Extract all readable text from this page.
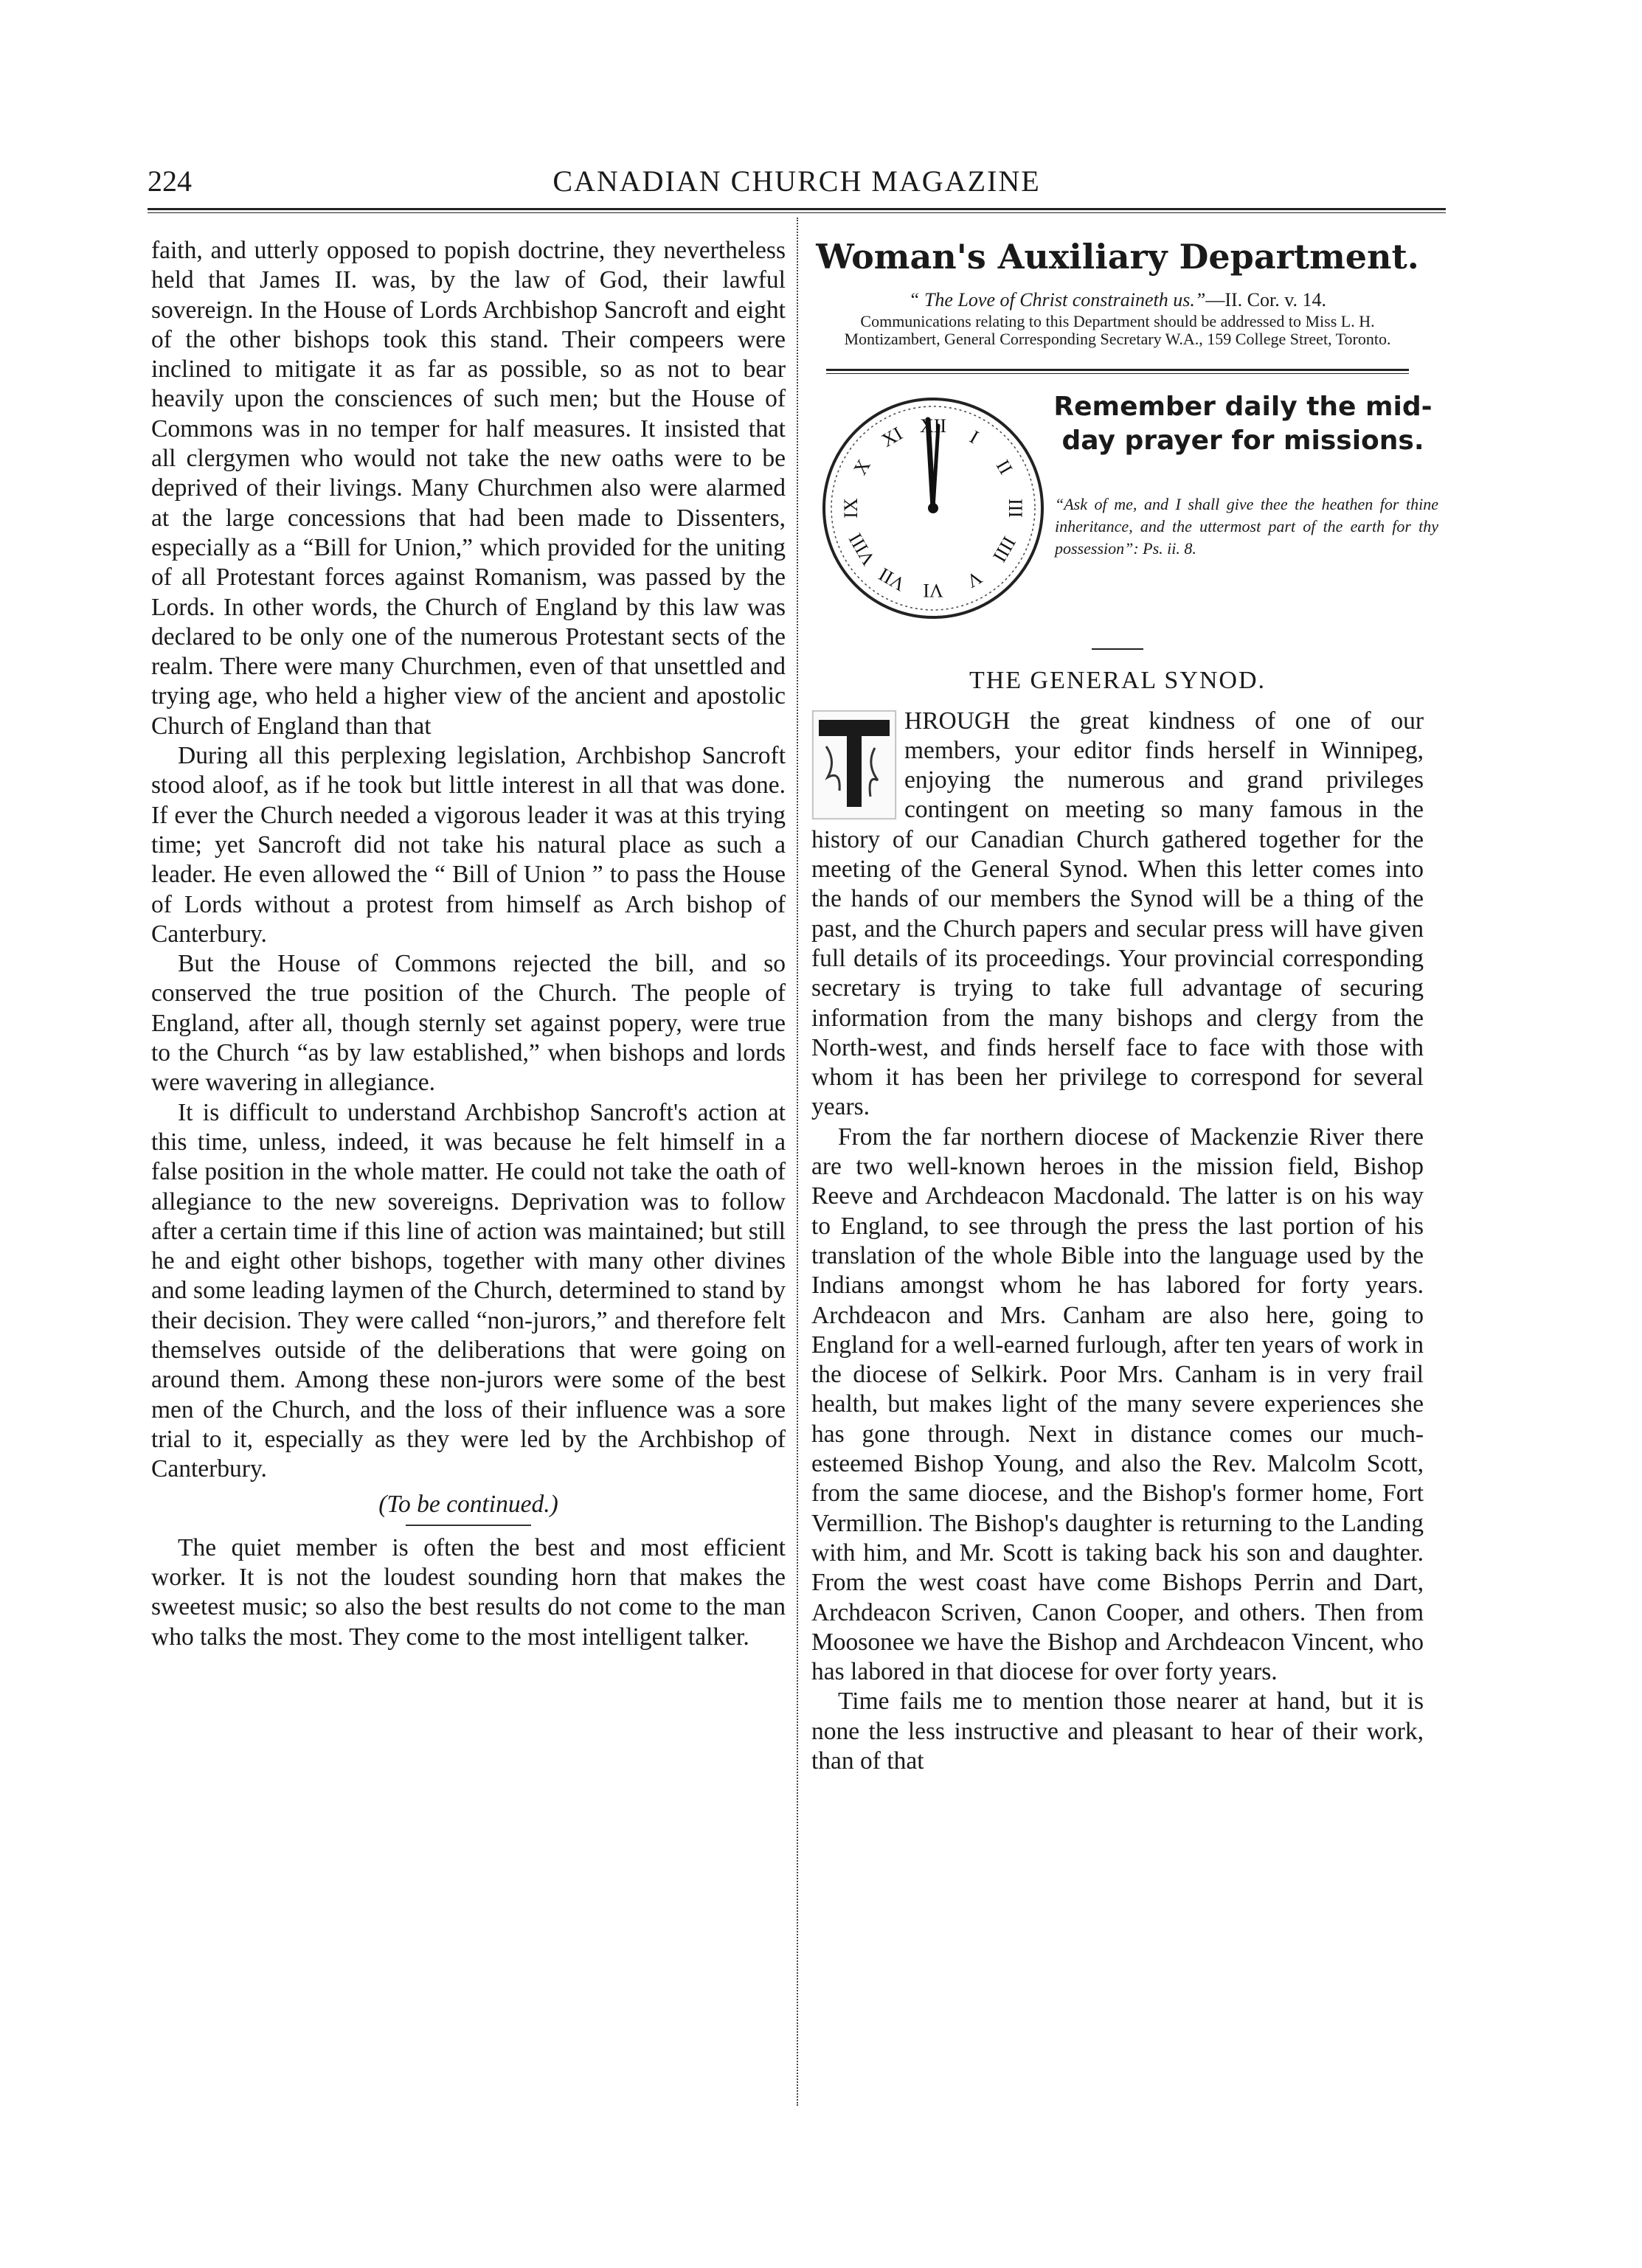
224	CANADIAN CHURCH MAGAZINE

faith, and utterly opposed to popish doctrine, they nevertheless held that James II. was, by the law of God, their lawful sovereign. In the House of Lords Archbishop Sancroft and eight of the other bishops took this stand. Their compeers were inclined to mitigate it as far as possible, so as not to bear heavily upon the consciences of such men; but the House of Commons was in no temper for half measures. It insisted that all clergymen who would not take the new oaths were to be deprived of their livings. Many Churchmen also were alarmed at the large concessions that had been made to Dissenters, especially as a “Bill for Union,” which provided for the uniting of all Protestant forces against Romanism, was passed by the Lords. In other words, the Church of England by this law was declared to be only one of the numerous Protestant sects of the realm. There were many Churchmen, even of that unsettled and trying age, who held a higher view of the ancient and apostolic Church of England than that

During all this perplexing legislation, Archbishop Sancroft stood aloof, as if he took but little interest in all that was done. If ever the Church needed a vigorous leader it was at this trying time; yet Sancroft did not take his natural place as such a leader. He even allowed the “ Bill of Union ” to pass the House of Lords without a protest from himself as Arch bishop of Canterbury.

But the House of Commons rejected the bill, and so conserved the true position of the Church. The people of England, after all, though sternly set against popery, were true to the Church “as by law established,” when bishops and lords were wavering in allegiance.

It is difficult to understand Archbishop Sancroft's action at this time, unless, indeed, it was because he felt himself in a false position in the whole matter. He could not take the oath of allegiance to the new sovereigns. Deprivation was to follow after a certain time if this line of action was maintained; but still he and eight other bishops, together with many other divines and some leading laymen of the Church, determined to stand by their decision. They were called “non-jurors,” and therefore felt themselves outside of the deliberations that were going on around them. Among these non-jurors were some of the best men of the Church, and the loss of their influence was a sore trial to it, especially as they were led by the Archbishop of Canterbury.

(To be continued.)

The quiet member is often the best and most efficient worker. It is not the loudest sounding horn that makes the sweetest music; so also the best results do not come to the man who talks the most. They come to the most intelligent talker.

Woman's Auxiliary Department.
“ The Love of Christ constraineth us.”—II. Cor. v. 14.
Communications relating to this Department should be addressed to Miss L. H. Montizambert, General Corresponding Secretary W.A., 159 College Street, Toronto.
XII
I
II
III
IIII
V
VI
VII
VIII
IX
X
XI
Remember daily the mid-day prayer for missions.
“Ask of me, and I shall give thee the heathen for thine inheritance, and the uttermost part of the earth for thy possession”: Ps. ii. 8.
THE GENERAL SYNOD.

HROUGH the great kindness of one of our members, your editor finds herself in Winnipeg, enjoying the numerous and grand privileges contingent on meeting so many famous in the history of our Canadian Church gathered together for the meeting of the General Synod. When this letter comes into the hands of our members the Synod will be a thing of the past, and the Church papers and secular press will have given full details of its proceedings. Your provincial corresponding secretary is trying to take full advantage of securing information from the many bishops and clergy from the North-west, and finds herself face to face with those with whom it has been her privilege to correspond for several years.

From the far northern diocese of Mackenzie River there are two well-known heroes in the mission field, Bishop Reeve and Archdeacon Macdonald. The latter is on his way to England, to see through the press the last portion of his translation of the whole Bible into the language used by the Indians amongst whom he has labored for forty years. Archdeacon and Mrs. Canham are also here, going to England for a well-earned furlough, after ten years of work in the diocese of Selkirk. Poor Mrs. Canham is in very frail health, but makes light of the many severe experiences she has gone through. Next in distance comes our much-esteemed Bishop Young, and also the Rev. Malcolm Scott, from the same diocese, and the Bishop's former home, Fort Vermillion. The Bishop's daughter is returning to the Landing with him, and Mr. Scott is taking back his son and daughter. From the west coast have come Bishops Perrin and Dart, Archdeacon Scriven, Canon Cooper, and others. Then from Moosonee we have the Bishop and Archdeacon Vincent, who has labored in that diocese for over forty years.

Time fails me to mention those nearer at hand, but it is none the less instructive and pleasant to hear of their work, than of that
